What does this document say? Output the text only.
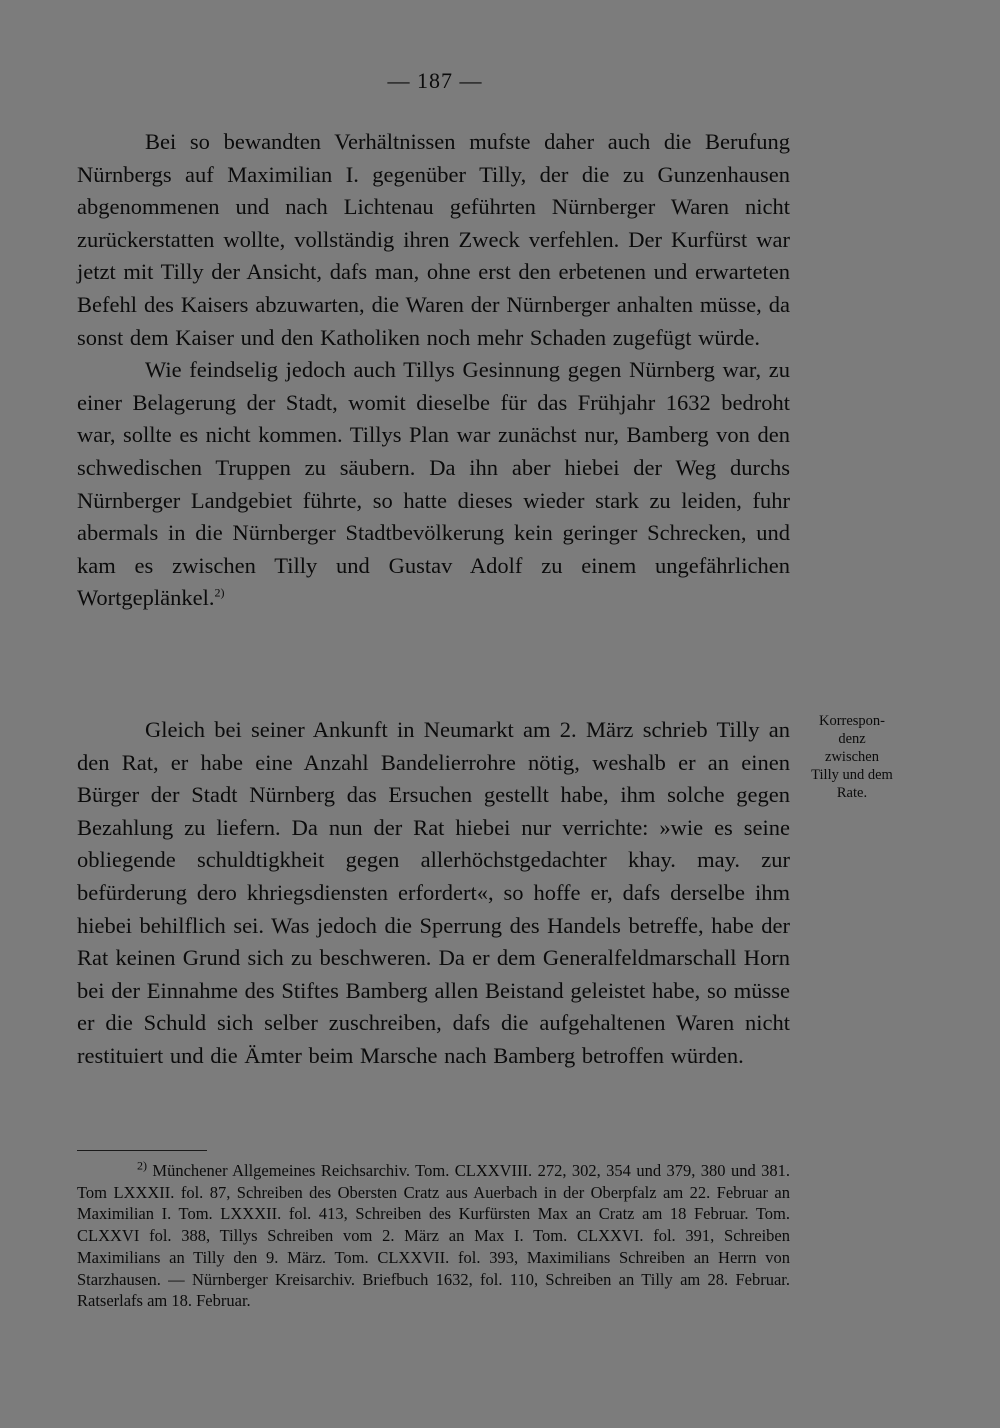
— 187 —

Bei so bewandten Verhältnissen mufste daher auch die Berufung Nürnbergs auf Maximilian I. gegenüber Tilly, der die zu Gunzenhausen abgenommenen und nach Lichtenau geführten Nürnberger Waren nicht zurückerstatten wollte, vollständig ihren Zweck verfehlen. Der Kurfürst war jetzt mit Tilly der Ansicht, dafs man, ohne erst den erbetenen und erwarteten Befehl des Kaisers abzuwarten, die Waren der Nürnberger anhalten müsse, da sonst dem Kaiser und den Katholiken noch mehr Schaden zugefügt würde.

Wie feindselig jedoch auch Tillys Gesinnung gegen Nürnberg war, zu einer Belagerung der Stadt, womit dieselbe für das Frühjahr 1632 bedroht war, sollte es nicht kommen. Tillys Plan war zunächst nur, Bamberg von den schwedischen Truppen zu säubern. Da ihn aber hiebei der Weg durchs Nürnberger Landgebiet führte, so hatte dieses wieder stark zu leiden, fuhr abermals in die Nürnberger Stadtbevölkerung kein geringer Schrecken, und kam es zwischen Tilly und Gustav Adolf zu einem ungefährlichen Wortgeplänkel.$^{2)}$

Gleich bei seiner Ankunft in Neumarkt am 2. März schrieb Tilly an den Rat, er habe eine Anzahl Bandelierrohre nötig, weshalb er an einen Bürger der Stadt Nürnberg das Ersuchen gestellt habe, ihm solche gegen Bezahlung zu liefern. Da nun der Rat hiebei nur verrichte: »wie es seine obliegende schuldtigkheit gegen allerhöchstgedachter khay. may. zur befürderung dero khriegsdiensten erfordert«, so hoffe er, dafs derselbe ihm hiebei behilflich sei. Was jedoch die Sperrung des Handels betreffe, habe der Rat keinen Grund sich zu beschweren. Da er dem Generalfeldmarschall Horn bei der Einnahme des Stiftes Bamberg allen Beistand geleistet habe, so müsse er die Schuld sich selber zuschreiben, dafs die aufgehaltenen Waren nicht restituiert und die Ämter beim Marsche nach Bamberg betroffen würden.

Korrespon-
denz
zwischen
Tilly und dem
Rate.

$^{2)}$ Münchener Allgemeines Reichsarchiv. Tom. CLXXVIII. 272, 302, 354 und 379, 380 und 381. Tom LXXXII. fol. 87, Schreiben des Obersten Cratz aus Auerbach in der Oberpfalz am 22. Februar an Maximilian I. Tom. LXXXII. fol. 413, Schreiben des Kurfürsten Max an Cratz am 18 Februar. Tom. CLXXVI fol. 388, Tillys Schreiben vom 2. März an Max I. Tom. CLXXVI. fol. 391, Schreiben Maximilians an Tilly den 9. März. Tom. CLXXVII. fol. 393, Maximilians Schreiben an Herrn von Starzhausen. — Nürnberger Kreisarchiv. Briefbuch 1632, fol. 110, Schreiben an Tilly am 28. Februar. Ratserlafs am 18. Februar.
